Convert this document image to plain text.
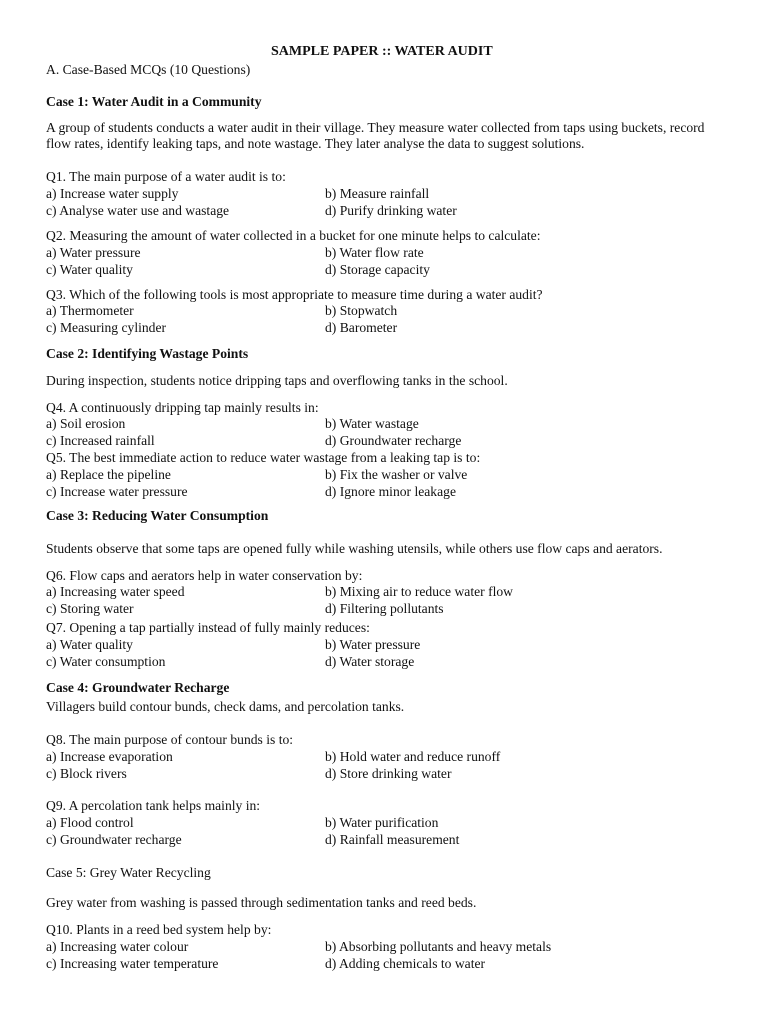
SAMPLE PAPER :: WATER AUDIT
A. Case-Based MCQs (10 Questions)
Case 1: Water Audit in a Community
A group of students conducts a water audit in their village. They measure water collected from taps using buckets, record
flow rates, identify leaking taps, and note wastage. They later analyse the data to suggest solutions.
Q1. The main purpose of a water audit is to:
a) Increase water supply	b) Measure rainfall
c) Analyse water use and wastage	d) Purify drinking water
Q2. Measuring the amount of water collected in a bucket for one minute helps to calculate:
a) Water pressure	b) Water flow rate
c) Water quality	d) Storage capacity
Q3. Which of the following tools is most appropriate to measure time during a water audit?
a) Thermometer	b) Stopwatch
c) Measuring cylinder	d) Barometer
Case 2: Identifying Wastage Points
During inspection, students notice dripping taps and overflowing tanks in the school.
Q4. A continuously dripping tap mainly results in:
a) Soil erosion	b) Water wastage
c) Increased rainfall	d) Groundwater recharge
Q5. The best immediate action to reduce water wastage from a leaking tap is to:
a) Replace the pipeline	b) Fix the washer or valve
c) Increase water pressure	d) Ignore minor leakage
Case 3: Reducing Water Consumption
Students observe that some taps are opened fully while washing utensils, while others use flow caps and aerators.
Q6. Flow caps and aerators help in water conservation by:
a) Increasing water speed	b) Mixing air to reduce water flow
c) Storing water	d) Filtering pollutants
Q7. Opening a tap partially instead of fully mainly reduces:
a) Water quality	b) Water pressure
c) Water consumption	d) Water storage
Case 4: Groundwater Recharge
Villagers build contour bunds, check dams, and percolation tanks.
Q8. The main purpose of contour bunds is to:
a) Increase evaporation	b) Hold water and reduce runoff
c) Block rivers	d) Store drinking water
Q9. A percolation tank helps mainly in:
a) Flood control	b) Water purification
c) Groundwater recharge	d) Rainfall measurement
Case 5: Grey Water Recycling
Grey water from washing is passed through sedimentation tanks and reed beds.
Q10. Plants in a reed bed system help by:
a) Increasing water colour	b) Absorbing pollutants and heavy metals
c) Increasing water temperature	d) Adding chemicals to water
